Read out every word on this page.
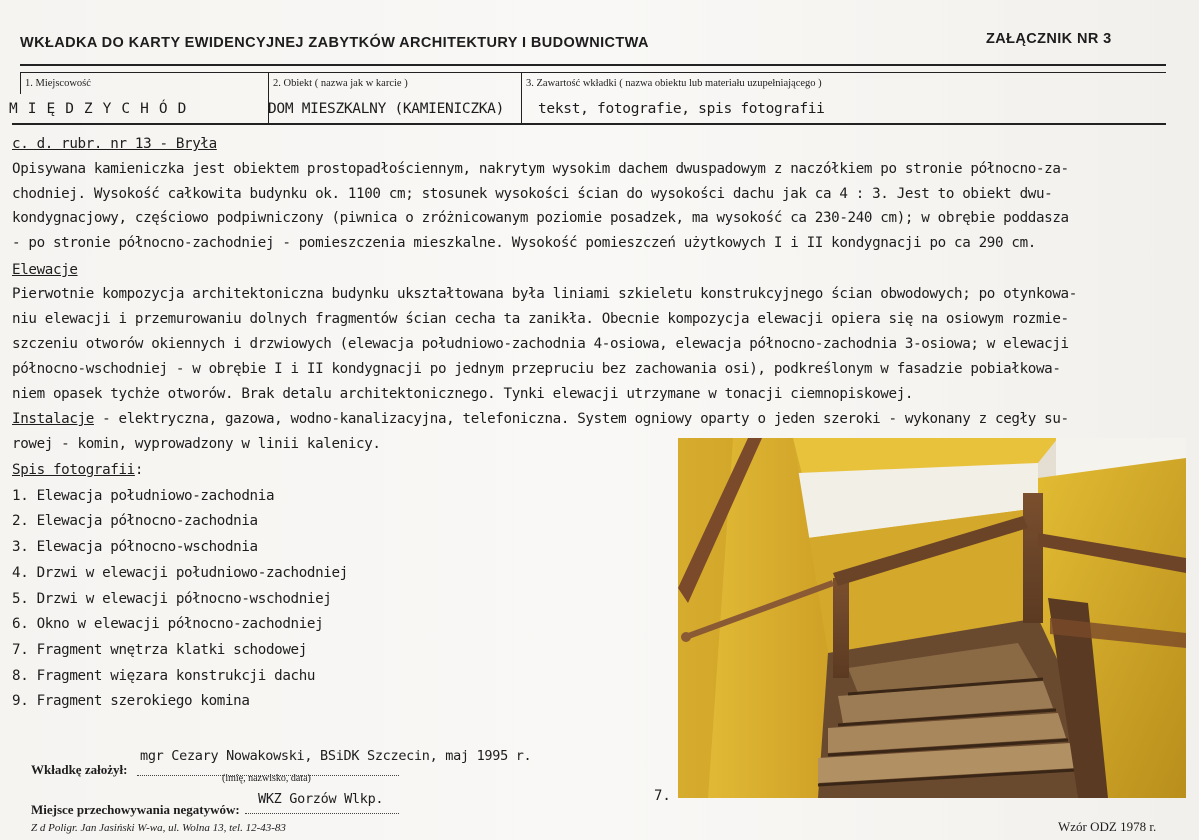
WKŁADKA DO KARTY EWIDENCYJNEJ ZABYTKÓW ARCHITEKTURY I BUDOWNICTWA	ZAŁĄCZNIK NR 3
1. Miejscowość
MIĘDZYCHÓD
2. Obiekt ( nazwa jak w karcie )
DOM MIESZKALNY (KAMIENICZKA)
3. Zawartość wkładki ( nazwa obiektu lub materiału uzupełniającego )
tekst, fotografie, spis fotografii
c. d. rubr. nr 13 - Bryła
Opisywana kamieniczka jest obiektem prostopadłościennym, nakrytym wysokim dachem dwuspadowym z naczółkiem po stronie północno-za-
chodniej. Wysokość całkowita budynku ok. 1100 cm; stosunek wysokości ścian do wysokości dachu jak ca 4 : 3. Jest to obiekt dwu-
kondygnacjowy, częściowo podpiwniczony (piwnica o zróżnicowanym poziomie posadzek, ma wysokość ca 230-240 cm); w obrębie poddasza
- po stronie północno-zachodniej - pomieszczenia mieszkalne. Wysokość pomieszczeń użytkowych I i II kondygnacji po ca 290 cm.
Elewacje
Pierwotnie kompozycja architektoniczna budynku ukształtowana była liniami szkieletu konstrukcyjnego ścian obwodowych; po otynkowa-
niu elewacji i przemurowaniu dolnych fragmentów ścian cecha ta zanikła. Obecnie kompozycja elewacji opiera się na osiowym rozmie-
szczeniu otworów okiennych i drzwiowych (elewacja południowo-zachodnia 4-osiowa, elewacja północno-zachodnia 3-osiowa; w elewacji
północno-wschodniej - w obrębie I i II kondygnacji po jednym przepruciu bez zachowania osi), podkreślonym w fasadzie pobiałkowa-
niem opasek tychże otworów. Brak detalu architektonicznego. Tynki elewacji utrzymane w tonacji ciemnopiskowej.
Instalacje - elektryczna, gazowa, wodno-kanalizacyjna, telefoniczna. System ogniowy oparty o jeden szeroki - wykonany z cegły su-
rowej - komin, wyprowadzony w linii kalenicy.
Spis fotografii:
1. Elewacja południowo-zachodnia
2. Elewacja północno-zachodnia
3. Elewacja północno-wschodnia
4. Drzwi w elewacji południowo-zachodniej
5. Drzwi w elewacji północno-wschodniej
6. Okno w elewacji północno-zachodniej
7. Fragment wnętrza klatki schodowej
8. Fragment więzara konstrukcji dachu
9. Fragment szerokiego komina
7.
mgr Cezary Nowakowski, BSiDK Szczecin, maj 1995 r.
Wkładkę założył:
(imię, nazwisko, data)
WKZ Gorzów Wlkp.
Miejsce przechowywania negatywów:
Z d Poligr. Jan Jasiński W-wa, ul. Wolna 13, tel. 12-43-83	Wzór ODZ 1978 r.
